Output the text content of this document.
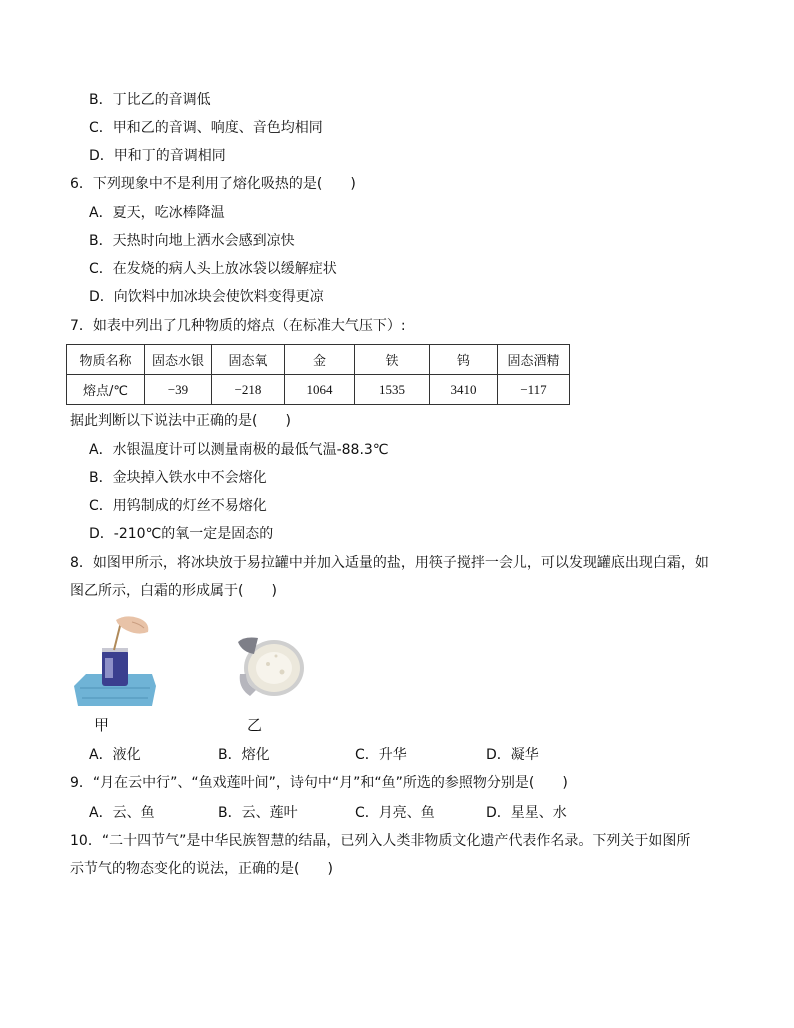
B．丁比乙的音调低
C．甲和乙的音调、响度、音色均相同
D．甲和丁的音调相同
6．下列现象中不是利用了熔化吸热的是(　　)
A．夏天，吃冰棒降温
B．天热时向地上洒水会感到凉快
C．在发烧的病人头上放冰袋以缓解症状
D．向饮料中加冰块会使饮料变得更凉
7．如表中列出了几种物质的熔点（在标准大气压下）:
物质名称	固态水银	固态氧	金	铁	钨	固态酒精
熔点/℃	−39	−218	1064	1535	3410	−117
据此判断以下说法中正确的是(　　)
A．水银温度计可以测量南极的最低气温-88.3℃
B．金块掉入铁水中不会熔化
C．用钨制成的灯丝不易熔化
D．-210℃的氧一定是固态的
8．如图甲所示，将冰块放于易拉罐中并加入适量的盐，用筷子搅拌一会儿，可以发现罐底出现白霜，如
图乙所示，白霜的形成属于(　　)
甲	乙
A．液化	B．熔化	C．升华	D．凝华
9．“月在云中行”、“鱼戏莲叶间”，诗句中“月”和“鱼”所选的参照物分别是(　　)
A．云、鱼	B．云、莲叶	C．月亮、鱼	D．星星、水
10．“二十四节气”是中华民族智慧的结晶，已列入人类非物质文化遗产代表作名录。下列关于如图所
示节气的物态变化的说法，正确的是(　　)
